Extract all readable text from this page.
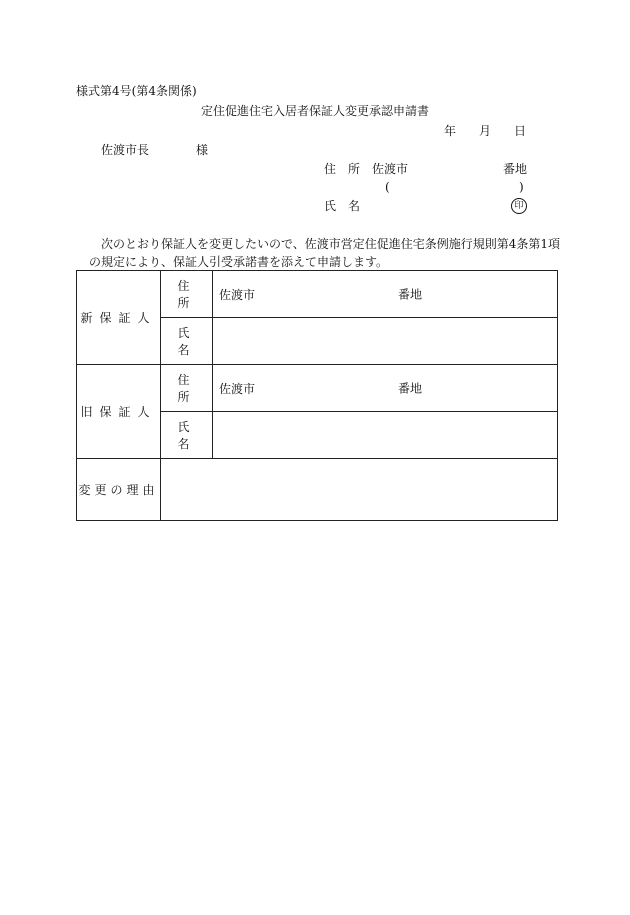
様式第4号(第4条関係)
定住促進住宅入居者保証人変更承認申請書
年 月 日
佐渡市長	様
住　所 佐渡市	番地
(	)
氏　名	印
次のとおり保証人を変更したいので、佐渡市営定住促進住宅条例施行規則第4条第1項
の規定により、保証人引受承諾書を添えて申請します。
新保証人	住所	佐渡市 番地

	氏名	
旧保証人	住所	佐渡市 番地

	氏名	
変更の理由		
